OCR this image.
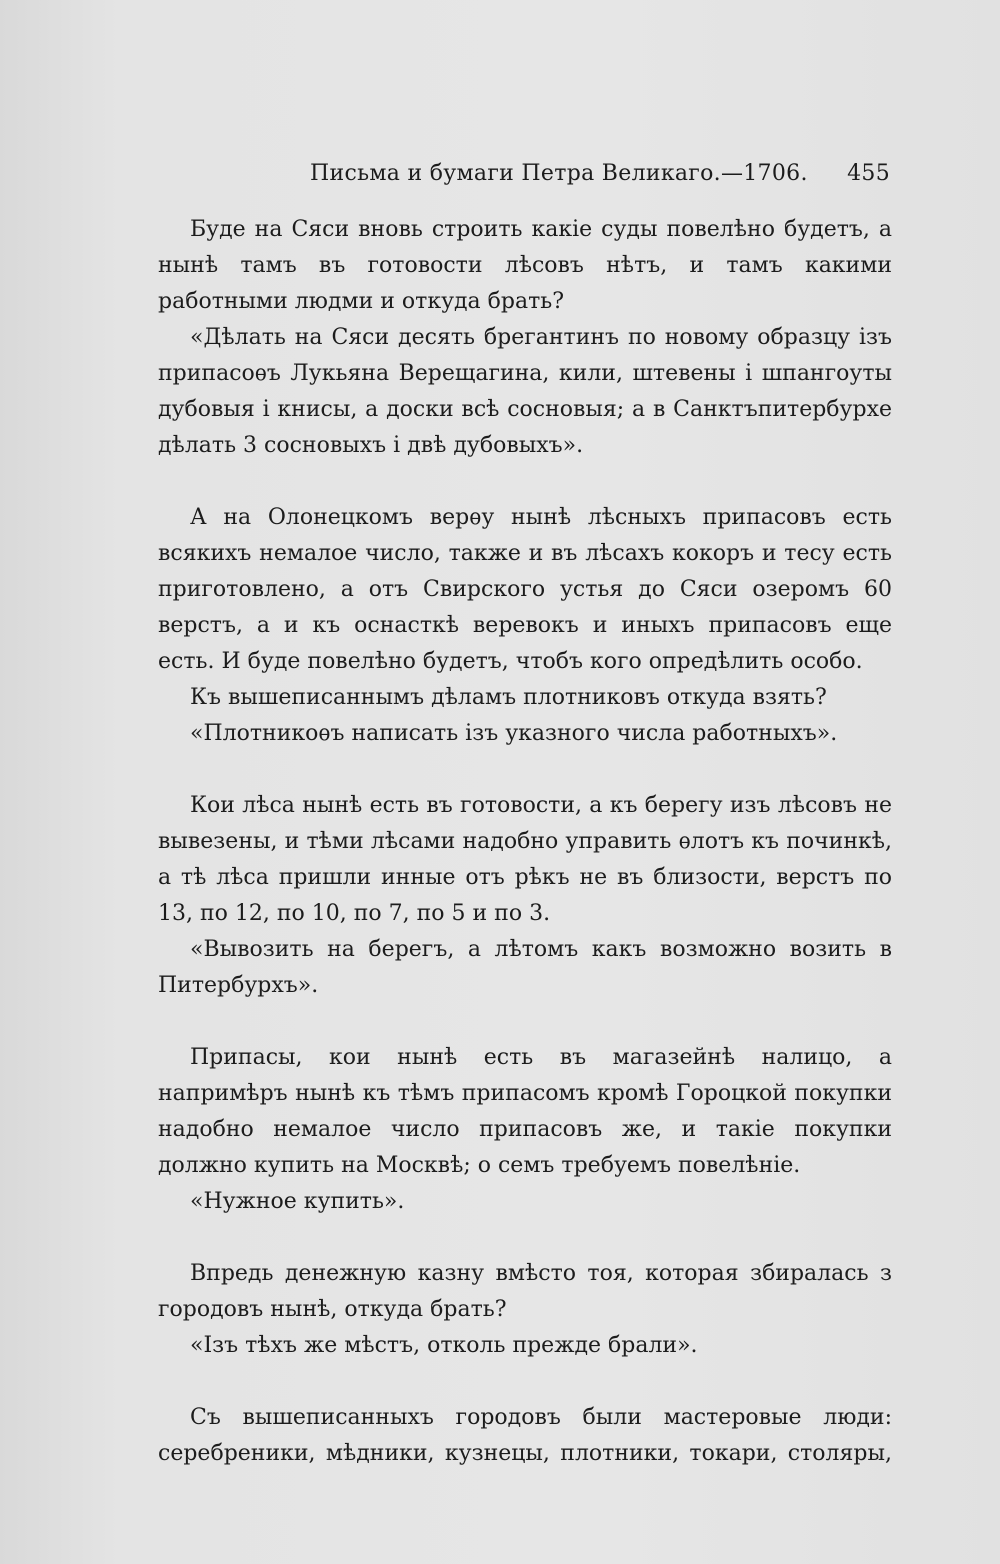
Письма и бумаги Петра Великаго.—1706. 455

Буде на Сяси вновь строить какiе суды повелѣно будетъ, а нынѣ тамъ въ готовости лѣсовъ нѣтъ, и тамъ какими работными людми и откуда брать?

«Дѣлать на Сяси десять брегантинъ по новому образцу iзъ припасоѳъ Лукьяна Верещагина, кили, штевены i шпангоуты дубовыя i книсы, а доски всѣ сосновыя; а в Санктъпитербурхе дѣлать 3 сосновыхъ i двѣ дубовыхъ».

А на Олонецкомъ верѳу нынѣ лѣсныхъ припасовъ есть всякихъ немалое число, также и въ лѣсахъ кокоръ и тесу есть приготовлено, а отъ Свирского устья до Сяси озеромъ 60 верстъ, а и къ оснасткѣ веревокъ и иныхъ припасовъ еще есть. И буде повелѣно будетъ, чтобъ кого опредѣлить особо.

Къ вышеписаннымъ дѣламъ плотниковъ откуда взять?

«Плотникоѳъ написать iзъ указного числа работныхъ».

Кои лѣса нынѣ есть въ готовости, а къ берегу изъ лѣсовъ не вывезены, и тѣми лѣсами надобно управить ѳлотъ къ починкѣ, а тѣ лѣса пришли инные отъ рѣкъ не въ близости, верстъ по 13, по 12, по 10, по 7, по 5 и по 3.

«Вывозить на берегъ, а лѣтомъ какъ возможно возить в Питербурхъ».

Припасы, кои нынѣ есть въ магазейнѣ налицо, а напримѣръ нынѣ къ тѣмъ припасомъ кромѣ Гороцкой покупки надобно немалое число припасовъ же, и такiе покупки должно купить на Москвѣ; о семъ требуемъ повелѣнiе.

«Нужное купить».

Впредь денежную казну вмѣсто тоя, которая збиралась з городовъ нынѣ, откуда брать?

«Iзъ тѣхъ же мѣстъ, отколь прежде брали».

Съ вышеписанныхъ городовъ были мастеровые люди: серебреники, мѣдники, кузнецы, плотники, токари, столяры,
